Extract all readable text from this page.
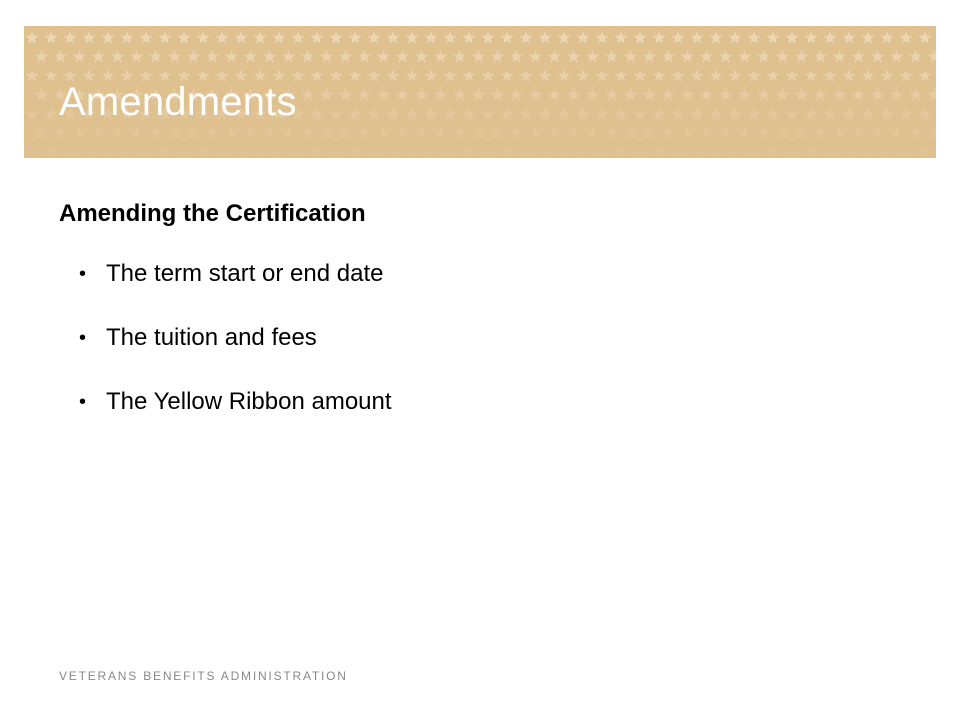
Amendments
Amending the Certification
• The term start or end date
• The tuition and fees
• The Yellow Ribbon amount
VETERANS BENEFITS ADMINISTRATION
